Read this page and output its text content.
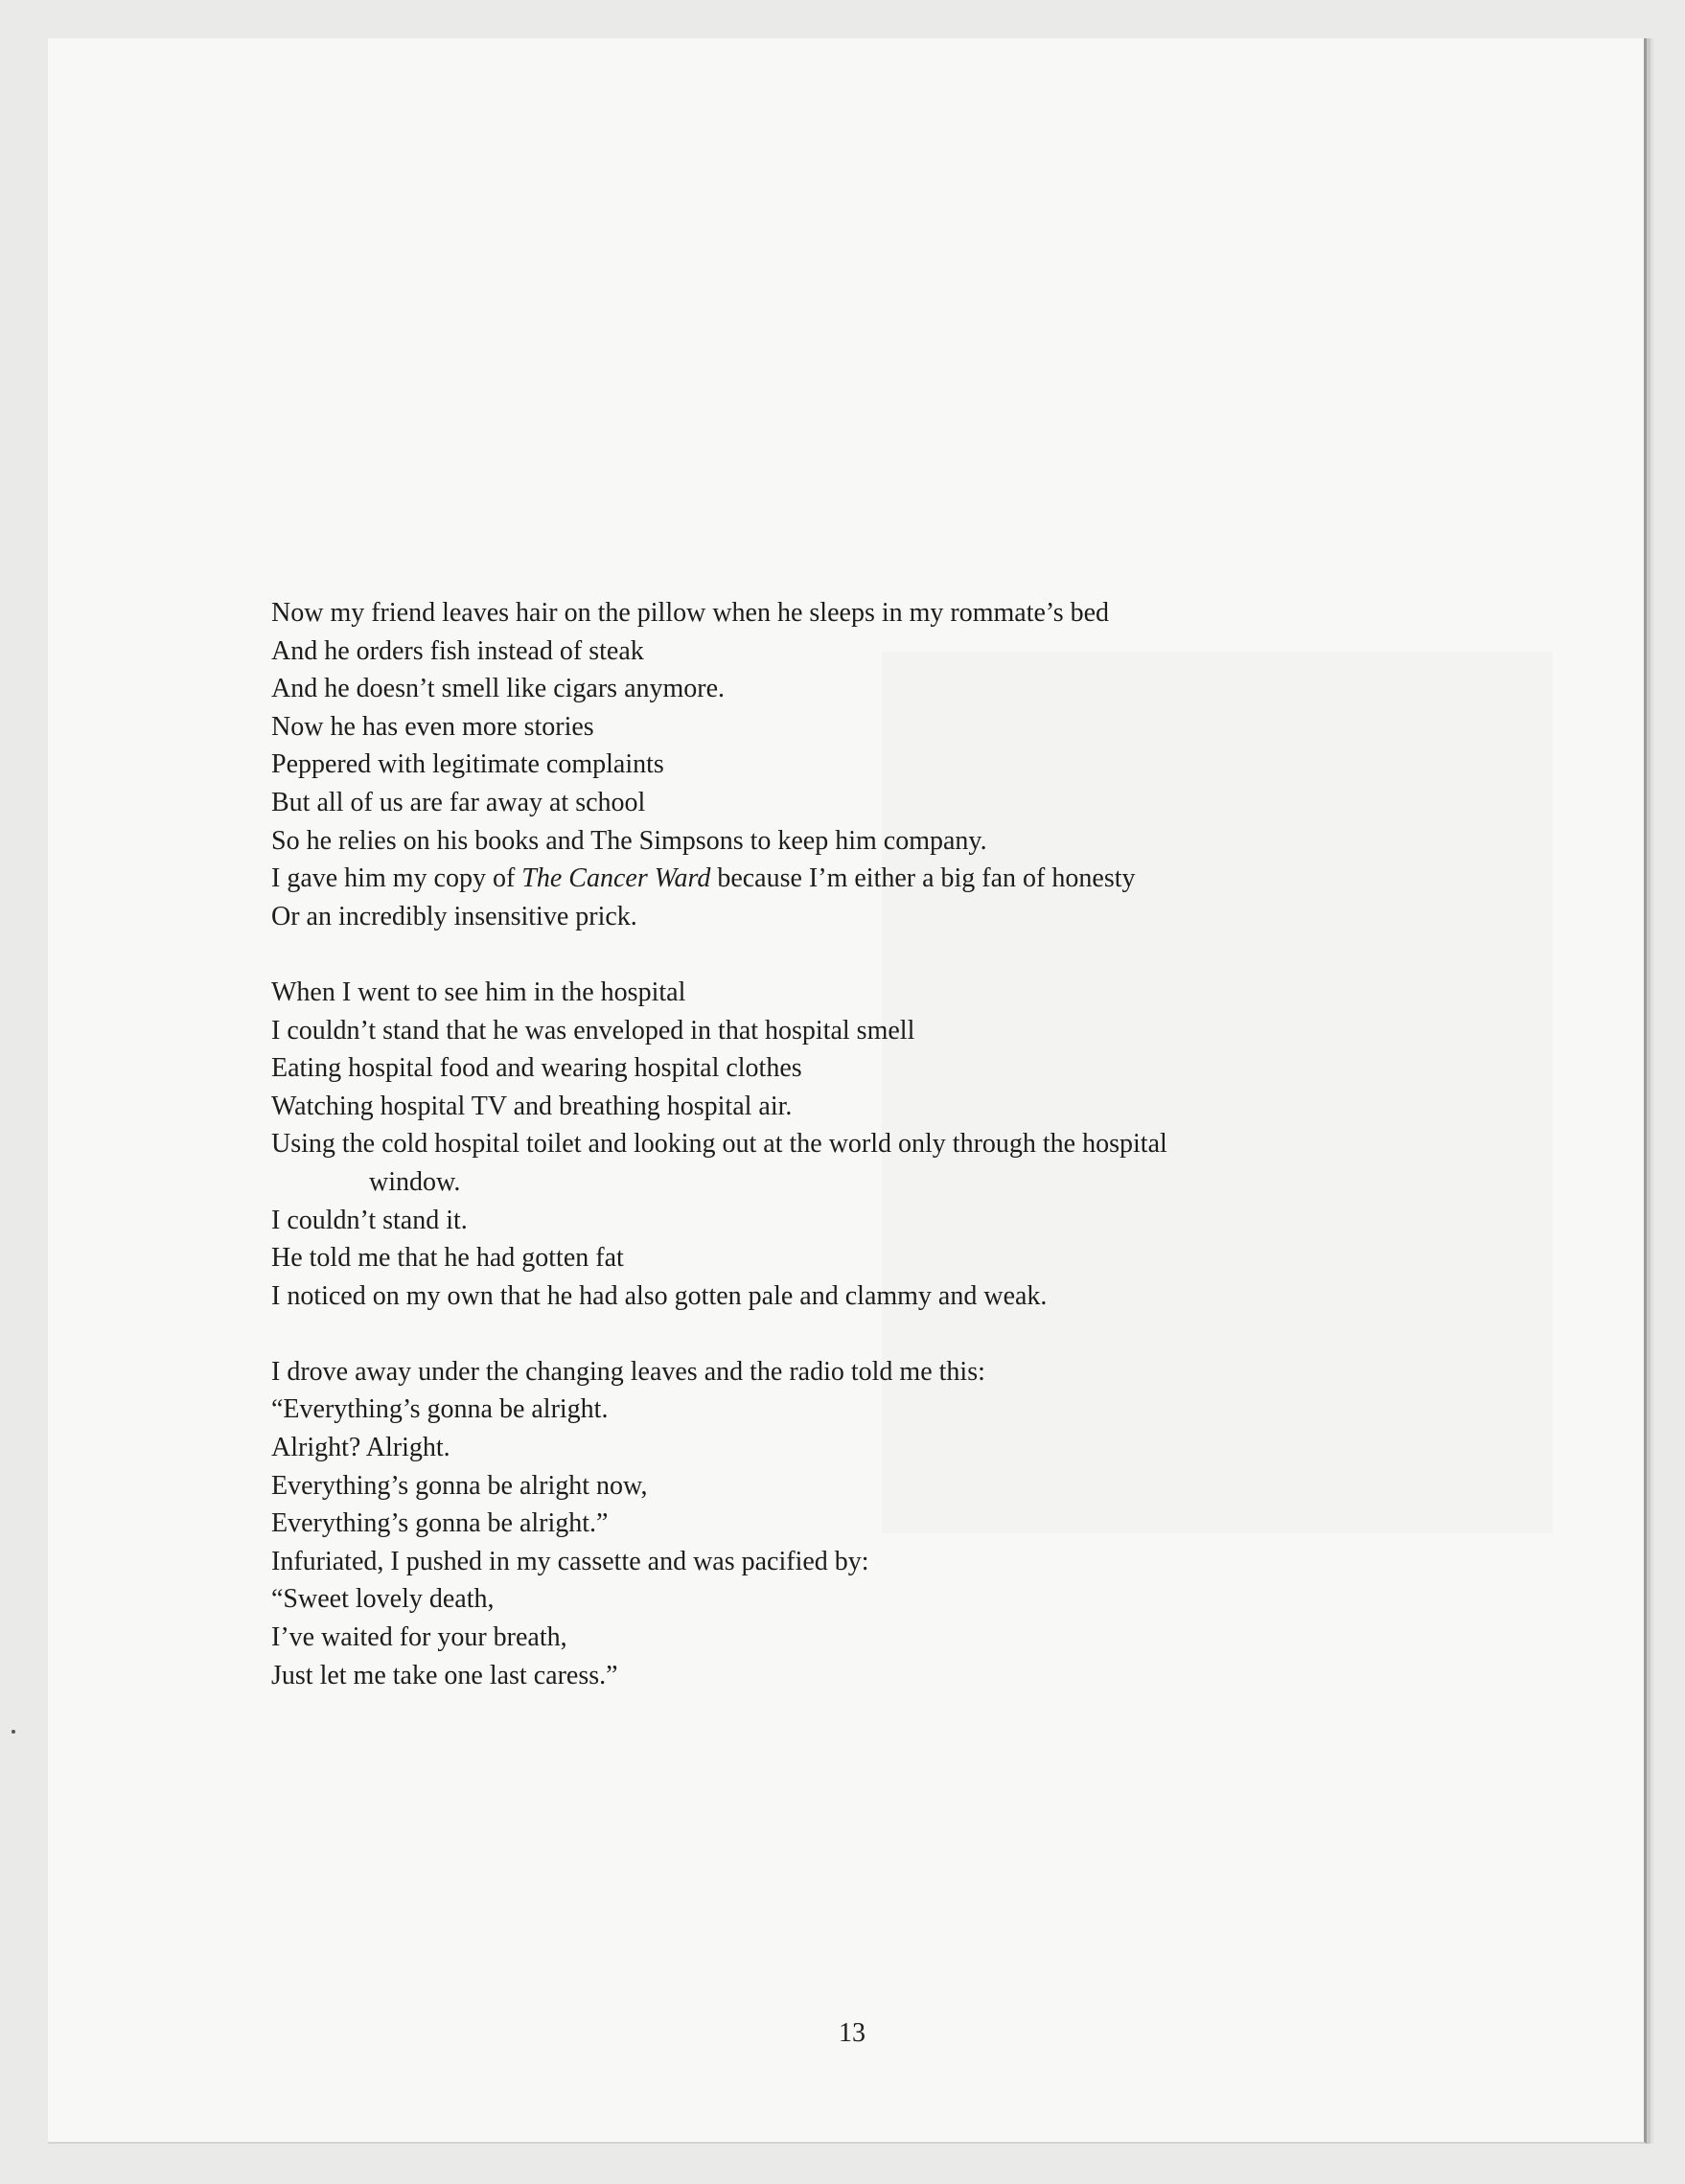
Now my friend leaves hair on the pillow when he sleeps in my rommate’s bed
And he orders fish instead of steak
And he doesn’t smell like cigars anymore.
Now he has even more stories
Peppered with legitimate complaints
But all of us are far away at school
So he relies on his books and The Simpsons to keep him company.
I gave him my copy of The Cancer Ward because I’m either a big fan of honesty
Or an incredibly insensitive prick.
When I went to see him in the hospital
I couldn’t stand that he was enveloped in that hospital smell
Eating hospital food and wearing hospital clothes
Watching hospital TV and breathing hospital air.
Using the cold hospital toilet and looking out at the world only through the hospital
window.
I couldn’t stand it.
He told me that he had gotten fat
I noticed on my own that he had also gotten pale and clammy and weak.
I drove away under the changing leaves and the radio told me this:
“Everything’s gonna be alright.
Alright? Alright.
Everything’s gonna be alright now,
Everything’s gonna be alright.”
Infuriated, I pushed in my cassette and was pacified by:
“Sweet lovely death,
I’ve waited for your breath,
Just let me take one last caress.”
13
